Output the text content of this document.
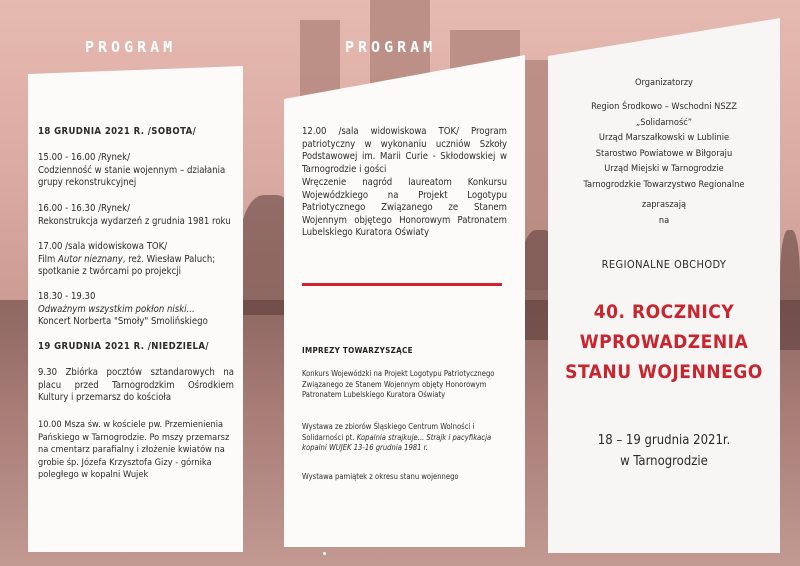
PROGRAM	PROGRAM
18 GRUDNIA 2021 R. /SOBOTA/
15.00 - 16.00 /Rynek/
Codzienność w stanie wojennym – działania grupy rekonstrukcyjnej
16.00 - 16.30 /Rynek/
Rekonstrukcja wydarzeń z grudnia 1981 roku
17.00 /sala widowiskowa TOK/
Film Autor nieznany, reż. Wiesław Paluch; spotkanie z twórcami po projekcji
18.30 - 19.30
Odważnym wszystkim pokłon niski...
Koncert Norberta "Smoły" Smolińskiego
19 GRUDNIA 2021 R. /NIEDZIELA/
9.30 Zbiórka pocztów sztandarowych na placu przed Tarnogrodzkim Ośrodkiem Kultury i przemarsz do kościoła
10.00 Msza św. w kościele pw. Przemienienia Pańskiego w Tarnogrodzie. Po mszy przemarsz na cmentarz parafialny i złożenie kwiatów na grobie śp. Józefa Krzysztofa Gizy - górnika poległego w kopalni Wujek
12.00 /sala widowiskowa TOK/ Program patriotyczny w wykonaniu uczniów Szkoły Podstawowej im. Marii Curie - Skłodowskiej w Tarnogrodzie i gości
Wręczenie nagród laureatom Konkursu Wojewódzkiego na Projekt Logotypu Patriotycznego Związanego ze Stanem Wojennym objętego Honorowym Patronatem Lubelskiego Kuratora Oświaty
IMPREZY TOWARZYSZĄCE
Konkurs Wojewódzki na Projekt Logotypu Patriotycznego Związanego ze Stanem Wojennym objęty Honorowym Patronatem Lubelskiego Kuratora Oświaty
Wystawa ze zbiorów Śląskiego Centrum Wolności i Solidarności pt. Kopalnia strajkuje... Strajk i pacyfikacja kopalni WUJEK 13-16 grudnia 1981 r.
Wystawa pamiątek z okresu stanu wojennego
Organizatorzy
Region Środkowo – Wschodni NSZZ
„Solidarność”
Urząd Marszałkowski w Lublinie
Starostwo Powiatowe w Biłgoraju
Urząd Miejski w Tarnogrodzie
Tarnogrodzkie Towarzystwo Regionalne
zapraszają
na
REGIONALNE OBCHODY
40. ROCZNICY
WPROWADZENIA
STANU WOJENNEGO
18 – 19 grudnia 2021r.
w Tarnogrodzie
